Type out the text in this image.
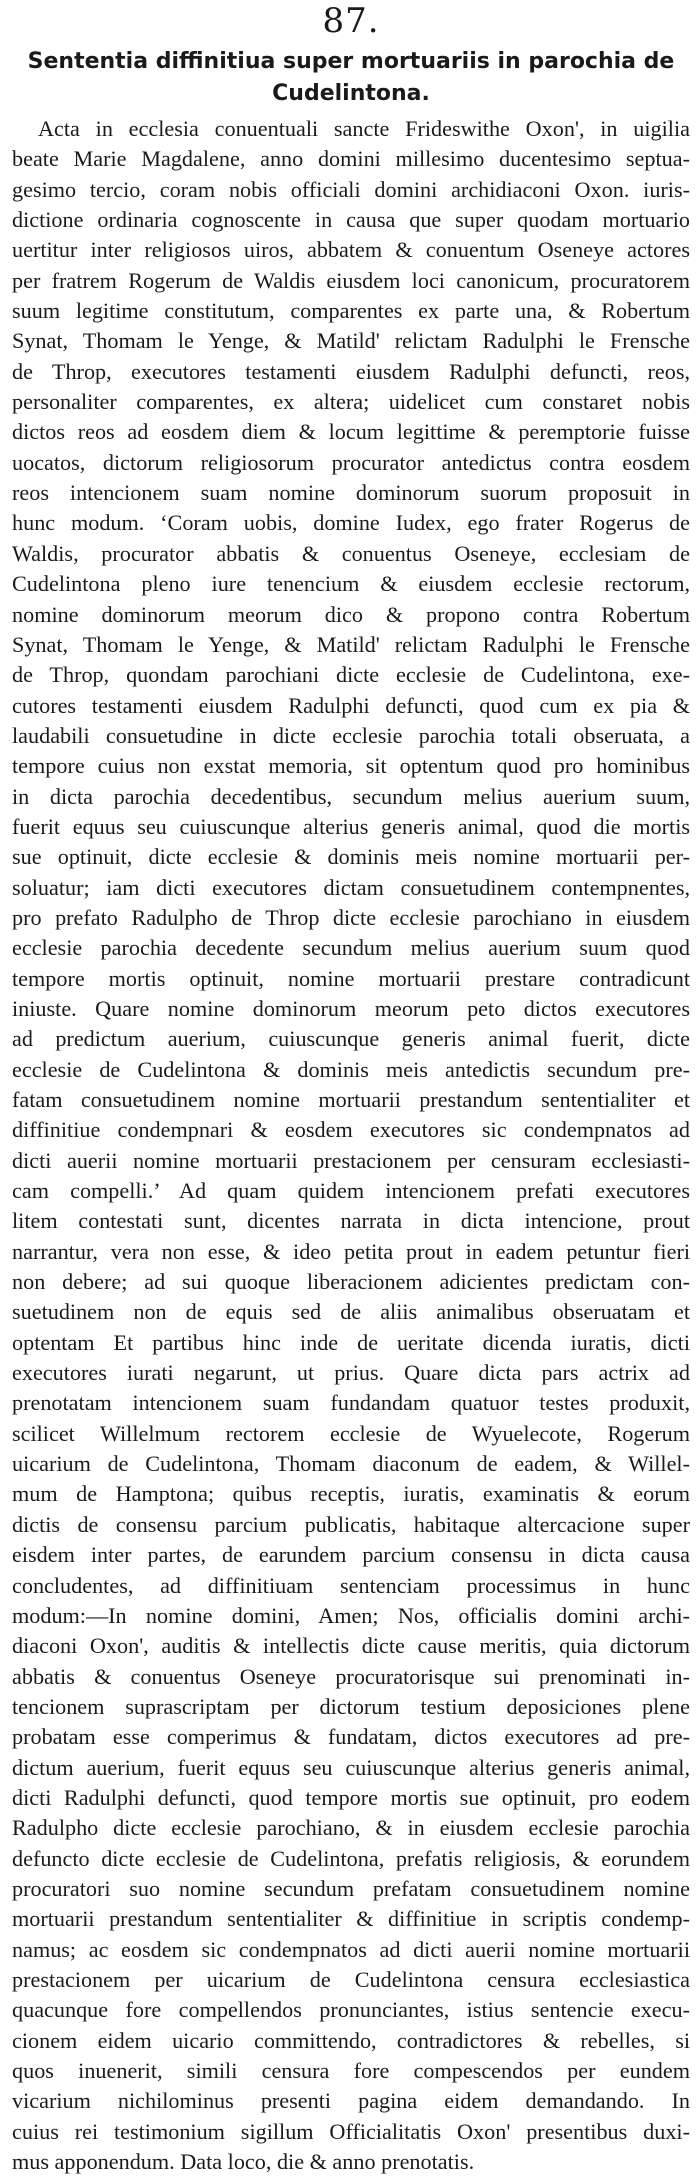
87.
Sententia diffinitiua super mortuariis in parochia de
Cudelintona.
Acta in ecclesia conuentuali sancte Frideswithe Oxon', in uigilia
beate Marie Magdalene, anno domini millesimo ducentesimo septua-
gesimo tercio, coram nobis officiali domini archidiaconi Oxon. iuris-
dictione ordinaria cognoscente in causa que super quodam mortuario
uertitur inter religiosos uiros, abbatem & conuentum Oseneye actores
per fratrem Rogerum de Waldis eiusdem loci canonicum, procuratorem
suum legitime constitutum, comparentes ex parte una, & Robertum
Synat, Thomam le Yenge, & Matild' relictam Radulphi le Frensche
de Throp, executores testamenti eiusdem Radulphi defuncti, reos,
personaliter comparentes, ex altera; uidelicet cum constaret nobis
dictos reos ad eosdem diem & locum legittime & peremptorie fuisse
uocatos, dictorum religiosorum procurator antedictus contra eosdem
reos intencionem suam nomine dominorum suorum proposuit in
hunc modum. ‘Coram uobis, domine Iudex, ego frater Rogerus de
Waldis, procurator abbatis & conuentus Oseneye, ecclesiam de
Cudelintona pleno iure tenencium & eiusdem ecclesie rectorum,
nomine dominorum meorum dico & propono contra Robertum
Synat, Thomam le Yenge, & Matild' relictam Radulphi le Frensche
de Throp, quondam parochiani dicte ecclesie de Cudelintona, exe-
cutores testamenti eiusdem Radulphi defuncti, quod cum ex pia &
laudabili consuetudine in dicte ecclesie parochia totali obseruata, a
tempore cuius non exstat memoria, sit optentum quod pro hominibus
in dicta parochia decedentibus, secundum melius auerium suum,
fuerit equus seu cuiuscunque alterius generis animal, quod die mortis
sue optinuit, dicte ecclesie & dominis meis nomine mortuarii per-
soluatur; iam dicti executores dictam consuetudinem contempnentes,
pro prefato Radulpho de Throp dicte ecclesie parochiano in eiusdem
ecclesie parochia decedente secundum melius auerium suum quod
tempore mortis optinuit, nomine mortuarii prestare contradicunt
iniuste. Quare nomine dominorum meorum peto dictos executores
ad predictum auerium, cuiuscunque generis animal fuerit, dicte
ecclesie de Cudelintona & dominis meis antedictis secundum pre-
fatam consuetudinem nomine mortuarii prestandum sententialiter et
diffinitiue condempnari & eosdem executores sic condempnatos ad
dicti auerii nomine mortuarii prestacionem per censuram ecclesiasti-
cam compelli.’ Ad quam quidem intencionem prefati executores
litem contestati sunt, dicentes narrata in dicta intencione, prout
narrantur, vera non esse, & ideo petita prout in eadem petuntur fieri
non debere; ad sui quoque liberacionem adicientes predictam con-
suetudinem non de equis sed de aliis animalibus obseruatam et
optentam Et partibus hinc inde de ueritate dicenda iuratis, dicti
executores iurati negarunt, ut prius. Quare dicta pars actrix ad
prenotatam intencionem suam fundandam quatuor testes produxit,
scilicet Willelmum rectorem ecclesie de Wyuelecote, Rogerum
uicarium de Cudelintona, Thomam diaconum de eadem, & Willel-
mum de Hamptona; quibus receptis, iuratis, examinatis & eorum
dictis de consensu parcium publicatis, habitaque altercacione super
eisdem inter partes, de earundem parcium consensu in dicta causa
concludentes, ad diffinitiuam sentenciam processimus in hunc
modum:—In nomine domini, Amen; Nos, officialis domini archi-
diaconi Oxon', auditis & intellectis dicte cause meritis, quia dictorum
abbatis & conuentus Oseneye procuratorisque sui prenominati in-
tencionem suprascriptam per dictorum testium deposiciones plene
probatam esse comperimus & fundatam, dictos executores ad pre-
dictum auerium, fuerit equus seu cuiuscunque alterius generis animal,
dicti Radulphi defuncti, quod tempore mortis sue optinuit, pro eodem
Radulpho dicte ecclesie parochiano, & in eiusdem ecclesie parochia
defuncto dicte ecclesie de Cudelintona, prefatis religiosis, & eorundem
procuratori suo nomine secundum prefatam consuetudinem nomine
mortuarii prestandum sententialiter & diffinitiue in scriptis condemp-
namus; ac eosdem sic condempnatos ad dicti auerii nomine mortuarii
prestacionem per uicarium de Cudelintona censura ecclesiastica
quacunque fore compellendos pronunciantes, istius sentencie execu-
cionem eidem uicario committendo, contradictores & rebelles, si
quos inuenerit, simili censura fore compescendos per eundem
vicarium nichilominus presenti pagina eidem demandando. In
cuius rei testimonium sigillum Officialitatis Oxon' presentibus duxi-
mus apponendum. Data loco, die & anno prenotatis.
